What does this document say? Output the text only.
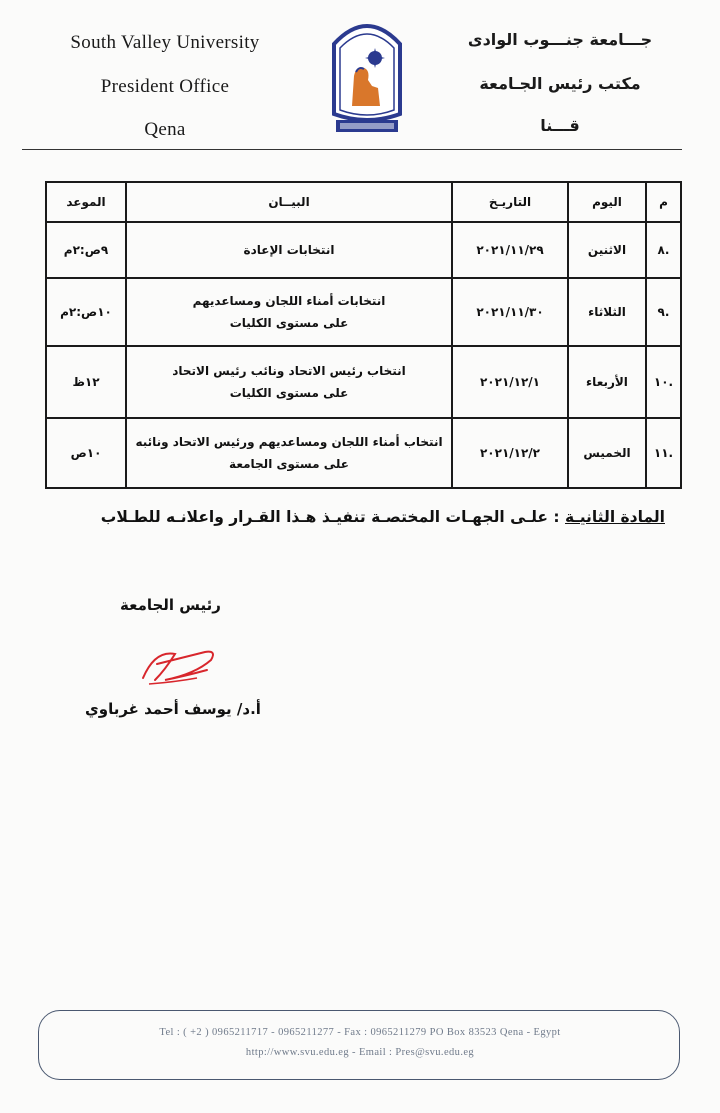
South Valley University
President Office
Qena
جـــامعة جنـــوب الوادى
مكتب رئيس الجـامعة
قـــنا
م	اليوم	التاريـخ	البيــان	الموعد
.٨	الاثنين	٢٠٢١/١١/٢٩	انتخابات الإعادة	٩ص:٢م
.٩	الثلاثاء	٢٠٢١/١١/٣٠	انتخابات أمناء اللجان ومساعديهم
على مستوى الكليات	١٠ص:٢م
.١٠	الأربعاء	٢٠٢١/١٢/١	انتخاب رئيس الاتحاد ونائب رئيس الاتحاد
على مستوى الكليات	١٢ظ
.١١	الخميس	٢٠٢١/١٢/٢	انتخاب أمناء اللجان ومساعديهم ورئيس الاتحاد ونائبه
على مستوى الجامعة	١٠ص
المادة الثانيـة : علـى الجهـات المختصـة تنفيـذ هـذا القـرار واعلانـه للطـلاب
رئيس الجامعة
أ.د/ يوسف أحمد غرباوي
Tel : ( +2 ) 0965211717 - 0965211277 - Fax : 0965211279 PO Box 83523 Qena - Egypt
http://www.svu.edu.eg - Email : Pres@svu.edu.eg
